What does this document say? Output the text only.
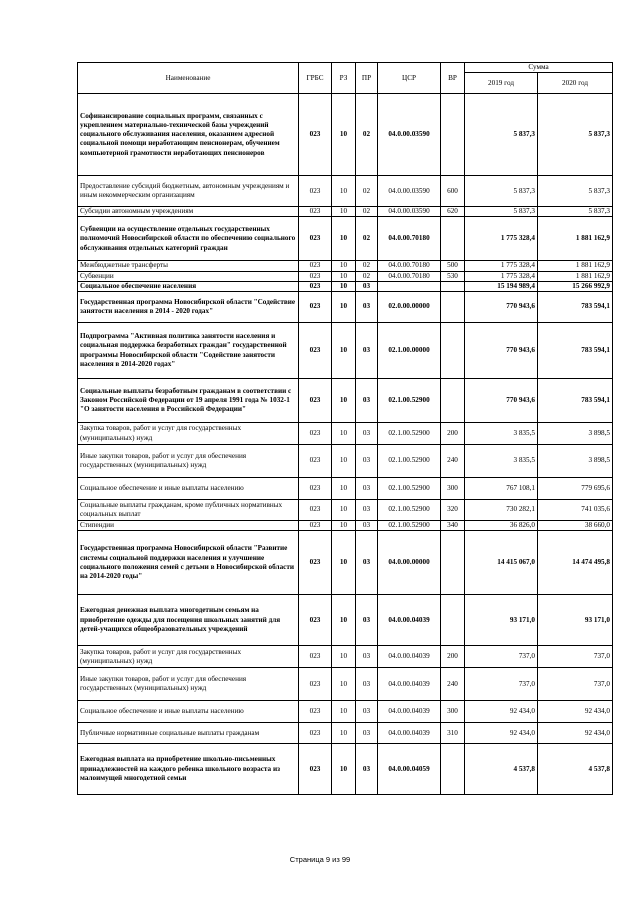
Наименование	ГРБС	РЗ	ПР	ЦСР	ВР	Сумма	
						2019 год	2020 год
Софинансирование социальных программ, связанных с укреплением материально-технической базы учреждений социального обслуживания населения, оказанием адресной социальной помощи неработающим пенсионерам, обучением компьютерной грамотности неработающих пенсионеров	023	10	02	04.0.00.03590		5 837,3	5 837,3
Предоставление субсидий бюджетным, автономным учреждениям и иным некоммерческим организациям	023	10	02	04.0.00.03590	600	5 837,3	5 837,3
Субсидии автономным учреждениям	023	10	02	04.0.00.03590	620	5 837,3	5 837,3
Субвенции на осуществление отдельных государственных полномочий Новосибирской области по обеспечению социального обслуживания отдельных категорий граждан	023	10	02	04.0.00.70180		1 775 328,4	1 881 162,9
Межбюджетные трансферты	023	10	02	04.0.00.70180	500	1 775 328,4	1 881 162,9
Субвенции	023	10	02	04.0.00.70180	530	1 775 328,4	1 881 162,9
Социальное обеспечение населения	023	10	03			15 194 989,4	15 266 992,9
Государственная программа Новосибирской области "Содействие занятости населения в 2014 - 2020 годах"	023	10	03	02.0.00.00000		770 943,6	783 594,1
Подпрограмма "Активная политика занятости населения и социальная поддержка безработных граждан" государственной программы Новосибирской области "Содействие занятости населения в 2014-2020 годах"	023	10	03	02.1.00.00000		770 943,6	783 594,1
Социальные выплаты безработным гражданам в соответствии с Законом Российской Федерации от 19 апреля 1991 года № 1032-1 "О занятости населения в Российской Федерации"	023	10	03	02.1.00.52900		770 943,6	783 594,1
Закупка товаров, работ и услуг для государственных (муниципальных) нужд	023	10	03	02.1.00.52900	200	3 835,5	3 898,5
Иные закупки товаров, работ и услуг для обеспечения государственных (муниципальных) нужд	023	10	03	02.1.00.52900	240	3 835,5	3 898,5
Социальное обеспечение и иные выплаты населению	023	10	03	02.1.00.52900	300	767 108,1	779 695,6
Социальные выплаты гражданам, кроме публичных нормативных социальных выплат	023	10	03	02.1.00.52900	320	730 282,1	741 035,6
Стипендии	023	10	03	02.1.00.52900	340	36 826,0	38 660,0
Государственная программа Новосибирской области "Развитие системы социальной поддержки населения и улучшение социального положения семей с детьми в Новосибирской области на 2014-2020 годы"	023	10	03	04.0.00.00000		14 415 067,0	14 474 495,8
Ежегодная денежная выплата многодетным семьям на приобретение одежды для посещения школьных занятий для детей-учащихся общеобразовательных учреждений	023	10	03	04.0.00.04039		93 171,0	93 171,0
Закупка товаров, работ и услуг для государственных (муниципальных) нужд	023	10	03	04.0.00.04039	200	737,0	737,0
Иные закупки товаров, работ и услуг для обеспечения государственных (муниципальных) нужд	023	10	03	04.0.00.04039	240	737,0	737,0
Социальное обеспечение и иные выплаты населению	023	10	03	04.0.00.04039	300	92 434,0	92 434,0
Публичные нормативные социальные выплаты гражданам	023	10	03	04.0.00.04039	310	92 434,0	92 434,0
Ежегодная выплата на приобретение школьно-письменных принадлежностей на каждого ребенка школьного возраста из малоимущей многодетной семьи	023	10	03	04.0.00.04059		4 537,8	4 537,8
Страница 9 из 99
